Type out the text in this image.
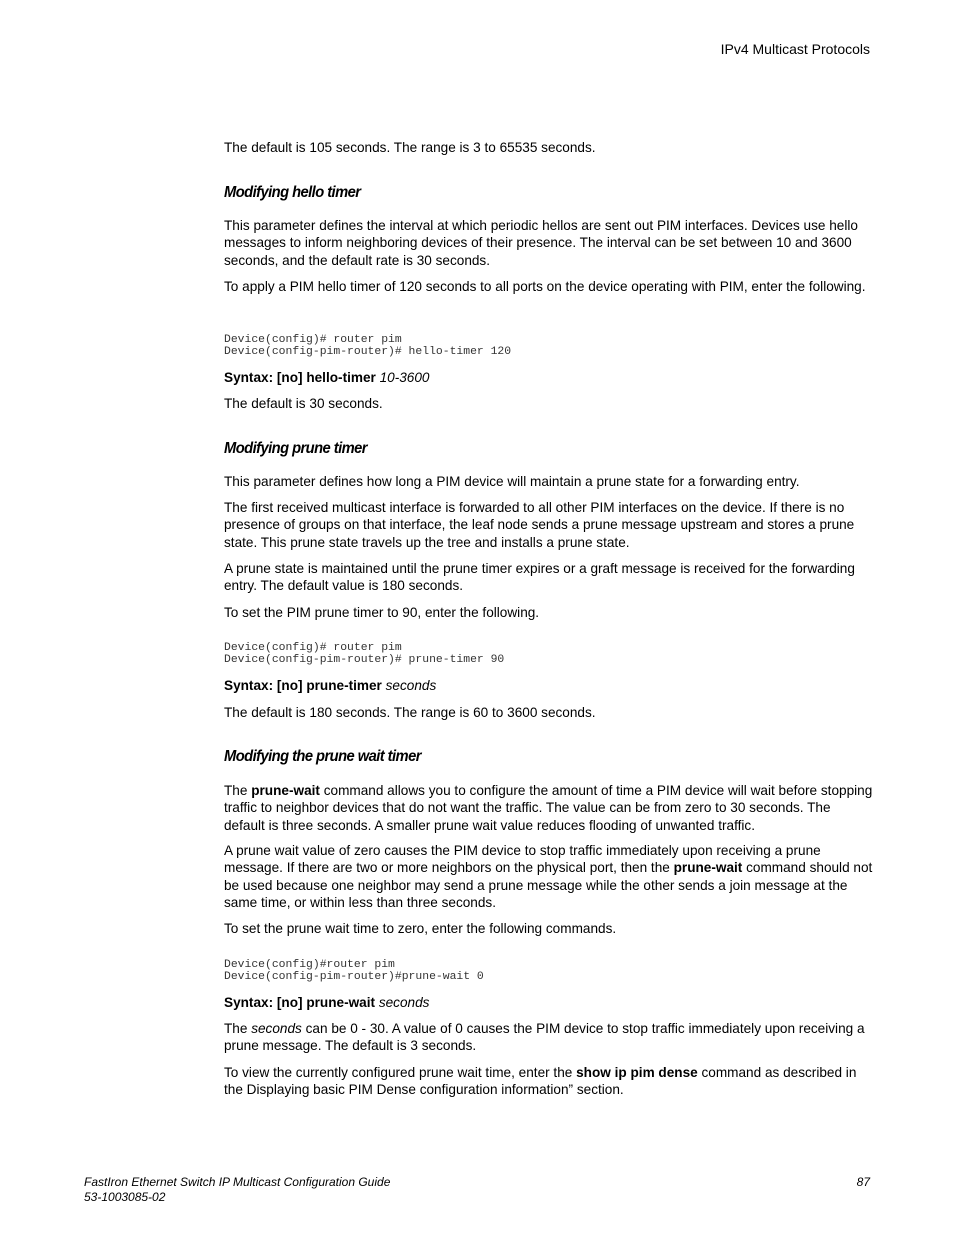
IPv4 Multicast Protocols

The default is 105 seconds. The range is 3 to 65535 seconds.

Modifying hello timer

This parameter defines the interval at which periodic hellos are sent out PIM interfaces. Devices use hello messages to inform neighboring devices of their presence. The interval can be set between 10 and 3600 seconds, and the default rate is 30 seconds.

To apply a PIM hello timer of 120 seconds to all ports on the device operating with PIM, enter the following.

Device(config)# router pim
Device(config-pim-router)# hello-timer 120

Syntax: [no] hello-timer 10-3600

The default is 30 seconds.

Modifying prune timer

This parameter defines how long a PIM device will maintain a prune state for a forwarding entry.

The first received multicast interface is forwarded to all other PIM interfaces on the device. If there is no presence of groups on that interface, the leaf node sends a prune message upstream and stores a prune state. This prune state travels up the tree and installs a prune state.

A prune state is maintained until the prune timer expires or a graft message is received for the forwarding entry. The default value is 180 seconds.

To set the PIM prune timer to 90, enter the following.

Device(config)# router pim
Device(config-pim-router)# prune-timer 90

Syntax: [no] prune-timer seconds

The default is 180 seconds. The range is 60 to 3600 seconds.

Modifying the prune wait timer

The prune-wait command allows you to configure the amount of time a PIM device will wait before stopping traffic to neighbor devices that do not want the traffic. The value can be from zero to 30 seconds. The default is three seconds. A smaller prune wait value reduces flooding of unwanted traffic.

A prune wait value of zero causes the PIM device to stop traffic immediately upon receiving a prune message. If there are two or more neighbors on the physical port, then the prune-wait command should not be used because one neighbor may send a prune message while the other sends a join message at the same time, or within less than three seconds.

To set the prune wait time to zero, enter the following commands.

Device(config)#router pim
Device(config-pim-router)#prune-wait 0

Syntax: [no] prune-wait seconds

The seconds can be 0 - 30. A value of 0 causes the PIM device to stop traffic immediately upon receiving a prune message. The default is 3 seconds.

To view the currently configured prune wait time, enter the show ip pim dense command as described in the Displaying basic PIM Dense configuration information” section.

FastIron Ethernet Switch IP Multicast Configuration Guide
53-1003085-02
87
